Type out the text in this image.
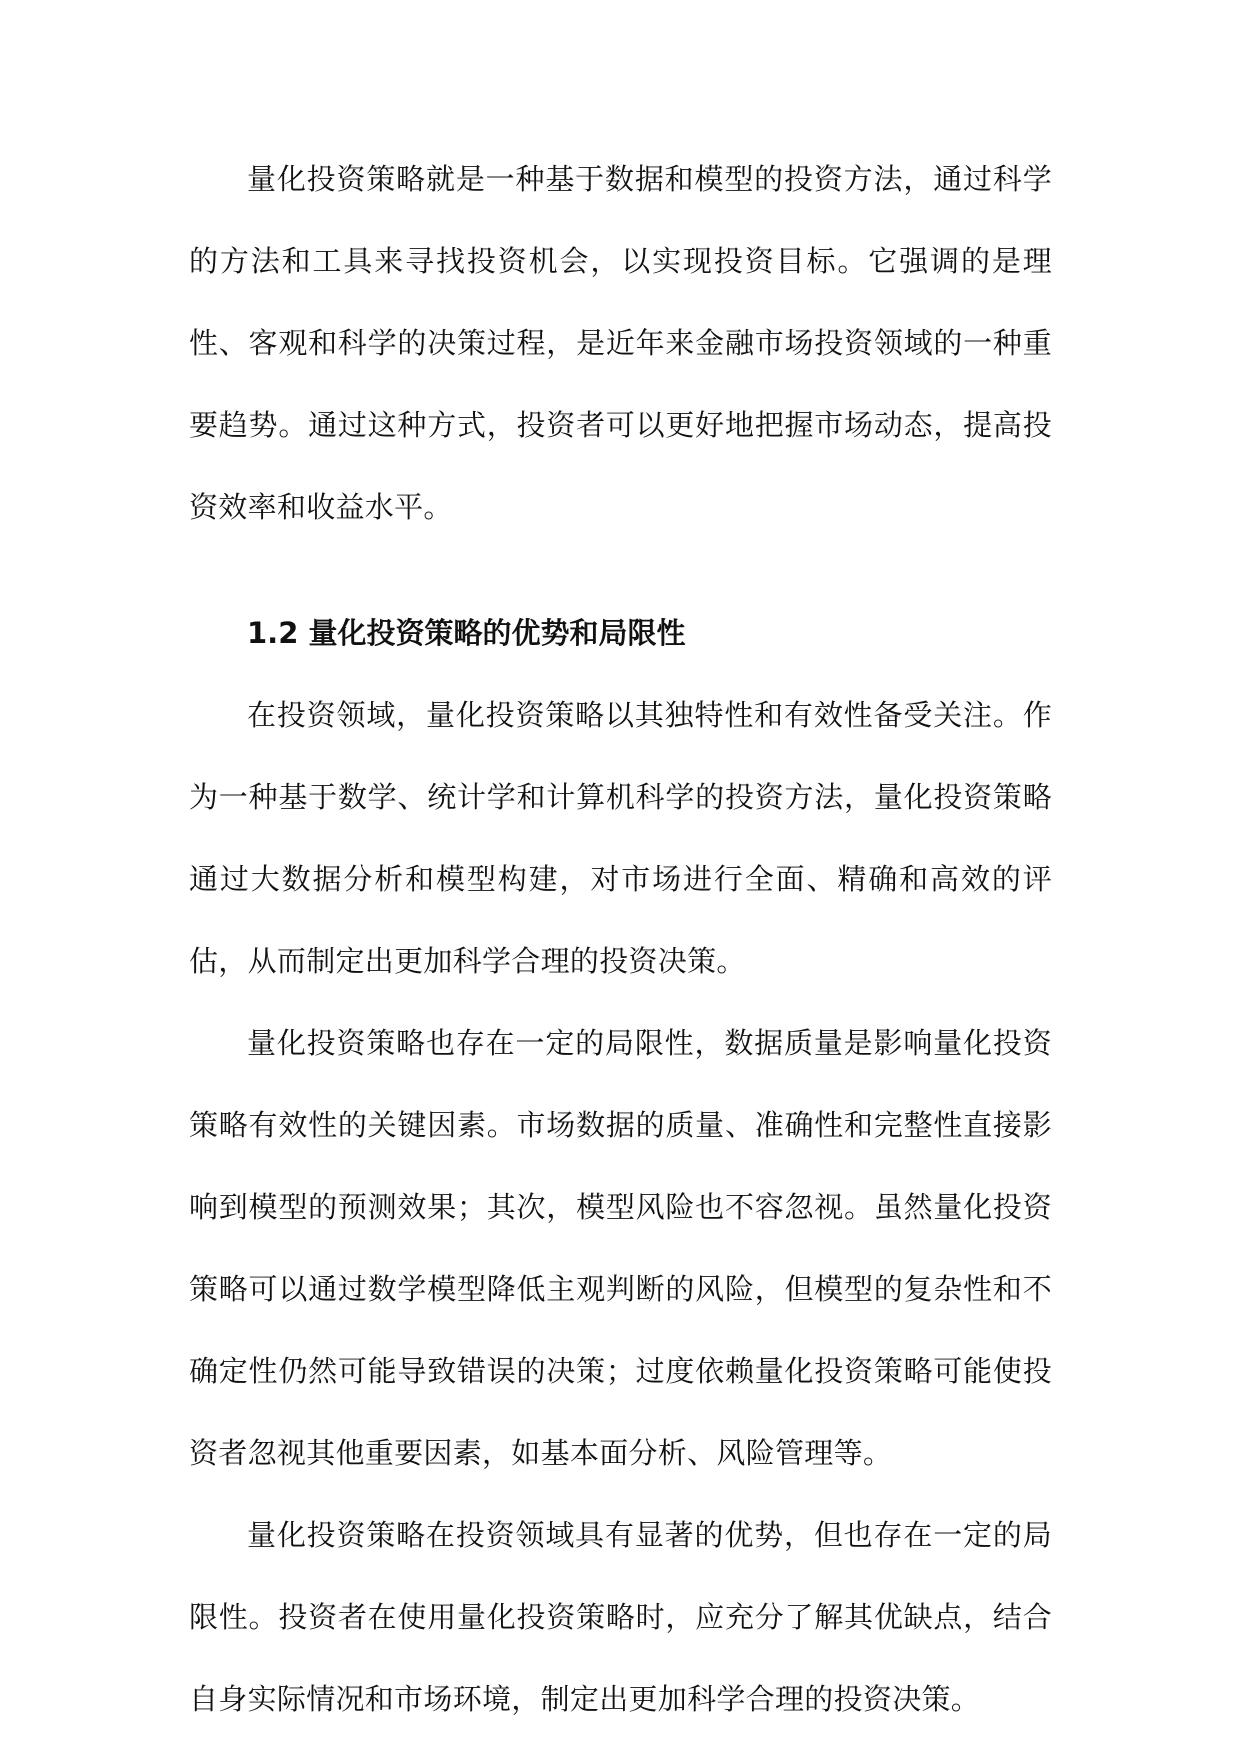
量化投资策略就是一种基于数据和模型的投资方法，通过科学的方法和工具来寻找投资机会，以实现投资目标。它强调的是理性、客观和科学的决策过程，是近年来金融市场投资领域的一种重要趋势。通过这种方式，投资者可以更好地把握市场动态，提高投资效率和收益水平。

1.2 量化投资策略的优势和局限性

在投资领域，量化投资策略以其独特性和有效性备受关注。作为一种基于数学、统计学和计算机科学的投资方法，量化投资策略通过大数据分析和模型构建，对市场进行全面、精确和高效的评估，从而制定出更加科学合理的投资决策。

量化投资策略也存在一定的局限性，数据质量是影响量化投资策略有效性的关键因素。市场数据的质量、准确性和完整性直接影响到模型的预测效果；其次，模型风险也不容忽视。虽然量化投资策略可以通过数学模型降低主观判断的风险，但模型的复杂性和不确定性仍然可能导致错误的决策；过度依赖量化投资策略可能使投资者忽视其他重要因素，如基本面分析、风险管理等。

量化投资策略在投资领域具有显著的优势，但也存在一定的局限性。投资者在使用量化投资策略时，应充分了解其优缺点，结合自身实际情况和市场环境，制定出更加科学合理的投资决策。
